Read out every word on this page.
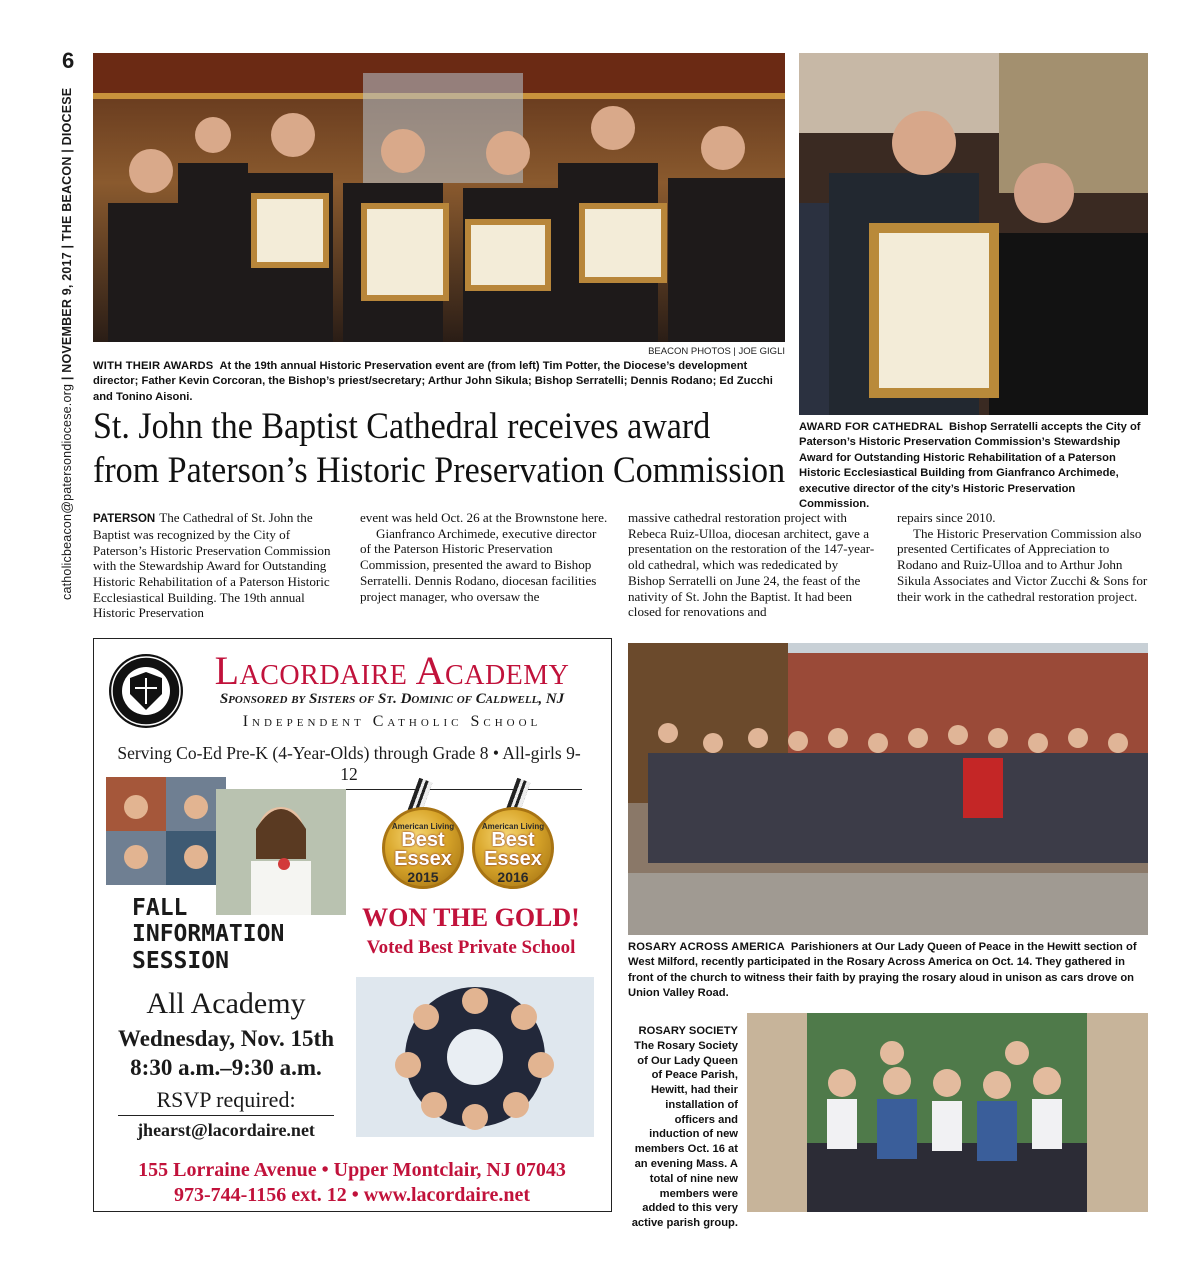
6
catholicbeacon@patersondiocese.org | NOVEMBER 9, 2017 | THE BEACON | DIOCESE
BEACON PHOTOS | JOE GIGLI
WITH THEIR AWARDS At the 19th annual Historic Preservation event are (from left) Tim Potter, the Diocese’s development director; Father Kevin Corcoran, the Bishop’s priest/secretary; Arthur John Sikula; Bishop Serratelli; Dennis Rodano; Ed Zucchi and Tonino Aisoni.
AWARD FOR CATHEDRAL Bishop Serratelli accepts the City of Paterson’s Historic Preservation Commission’s Stewardship Award for Outstanding Historic Rehabilitation of a Paterson Historic Ecclesiastical Building from Gianfranco Archimede, executive director of the city’s Historic Preservation Commission.
St. John the Baptist Cathedral receives award
from Paterson’s Historic Preservation Commission

PATERSON The Cathedral of St. John the Baptist was recognized by the City of Paterson’s Historic Preservation Commission with the Stewardship Award for Outstanding Historic Rehabilitation of a Paterson Historic Ecclesiastical Building. The 19th annual Historic Preservation

event was held Oct. 26 at the Brownstone here.

Gianfranco Archimede, executive director of the Paterson Historic Preservation Commission, presented the award to Bishop Serratelli. Dennis Rodano, diocesan facilities project manager, who oversaw the

massive cathedral restoration project with Rebeca Ruiz-Ulloa, diocesan architect, gave a presentation on the restoration of the 147-year-old cathedral, which was rededicated by Bishop Serratelli on June 24, the feast of the nativity of St. John the Baptist. It had been closed for renovations and

repairs since 2010.

The Historic Preservation Commission also presented Certificates of Appreciation to Rodano and Ruiz-Ulloa and to Arthur John Sikula Associates and Victor Zucchi & Sons for their work in the cathedral restoration project.

Lacordaire Academy
Sponsored by Sisters of St. Dominic of Caldwell, NJ
Independent Catholic School
Serving Co-Ed Pre-K (4-Year-Olds) through Grade 8 • All-girls 9-12
American Living
Best
Essex
2015
American Living
Best
Essex
2016
WON THE GOLD!
Voted Best Private School
FALL
INFORMATION
SESSION
All Academy
Wednesday, Nov. 15th
8:30 a.m.–9:30 a.m.
RSVP required:
jhearst@lacordaire.net
155 Lorraine Avenue • Upper Montclair, NJ 07043
973-744-1156 ext. 12 • www.lacordaire.net
ROSARY ACROSS AMERICA Parishioners at Our Lady Queen of Peace in the Hewitt section of West Milford, recently participated in the Rosary Across America on Oct. 14. They gathered in front of the church to witness their faith by praying the rosary aloud in unison as cars drove on Union Valley Road.
ROSARY SOCIETY
The Rosary Society of Our Lady Queen of Peace Parish, Hewitt, had their installation of officers and induction of new members Oct. 16 at an evening Mass. A total of nine new members were added to this very active parish group.
